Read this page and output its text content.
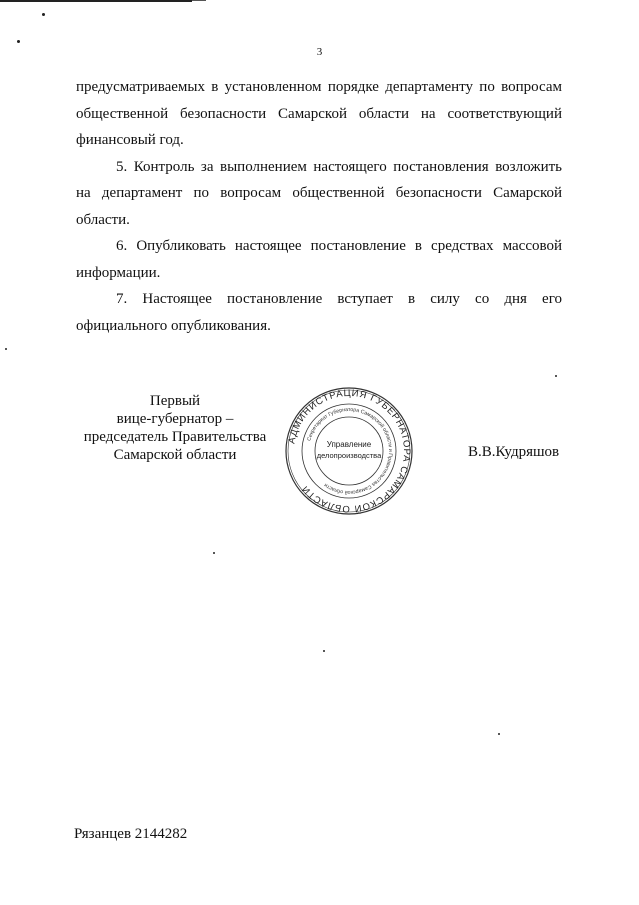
3

предусматриваемых в установленном порядке департаменту по вопросам общественной безопасности Самарской области на соответствующий финансовый год.

5. Контроль за выполнением настоящего постановления возложить на департамент по вопросам общественной безопасности Самарской области.

6. Опубликовать настоящее постановление в средствах массовой информации.

7. Настоящее постановление вступает в силу со дня его официального опубликования.

Первый
вице-губернатор –
председатель Правительства
Самарской области
АДМИНИСТРАЦИЯ ГУБЕРНАТОРА САМАРСКОЙ ОБЛАСТИ
Секретариат Губернатора Самарской области и Правительства Самарской области
Управление
делопроизводства	В.В.Кудряшов
Рязанцев 2144282
